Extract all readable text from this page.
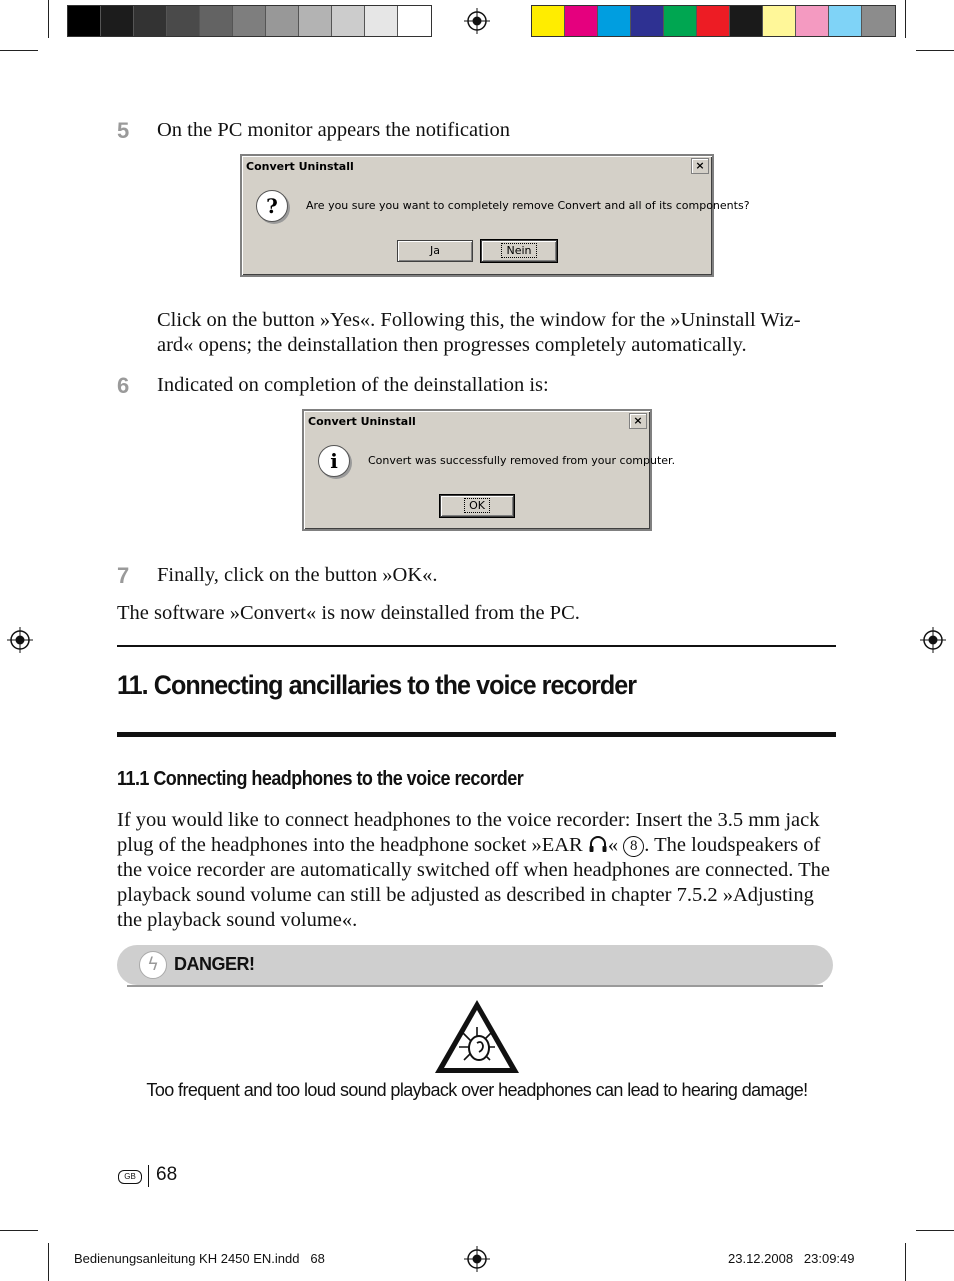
5	On the PC monitor appears the notification
Convert Uninstall	×
?	Are you sure you want to completely remove Convert and all of its components?
Ja	Nein
Click on the button »Yes«. Following this, the window for the »Uninstall Wiz-ard« opens; the deinstallation then progresses completely automatically.
6	Indicated on completion of the deinstallation is:
Convert Uninstall	×
i	Convert was successfully removed from your computer.
OK
7	Finally, click on the button »OK«.
The software »Convert« is now deinstalled from the PC.
11. Connecting ancillaries to the voice recorder
11.1 Connecting headphones to the voice recorder
If you would like to connect headphones to the voice recorder: Insert the 3.5 mm jack plug of the headphones into the headphone socket »EAR « 8 . The loudspeakers of the voice recorder are automatically switched off when headphones are connected. The playback sound volume can still be adjusted as described in chapter 7.5.2 »Adjusting the playback sound volume«.
ϟ DANGER!
Too frequent and too loud sound playback over headphones can lead to hearing damage!
GB	68
Bedienungsanleitung KH 2450 EN.indd   68	23.12.2008   23:09:49
